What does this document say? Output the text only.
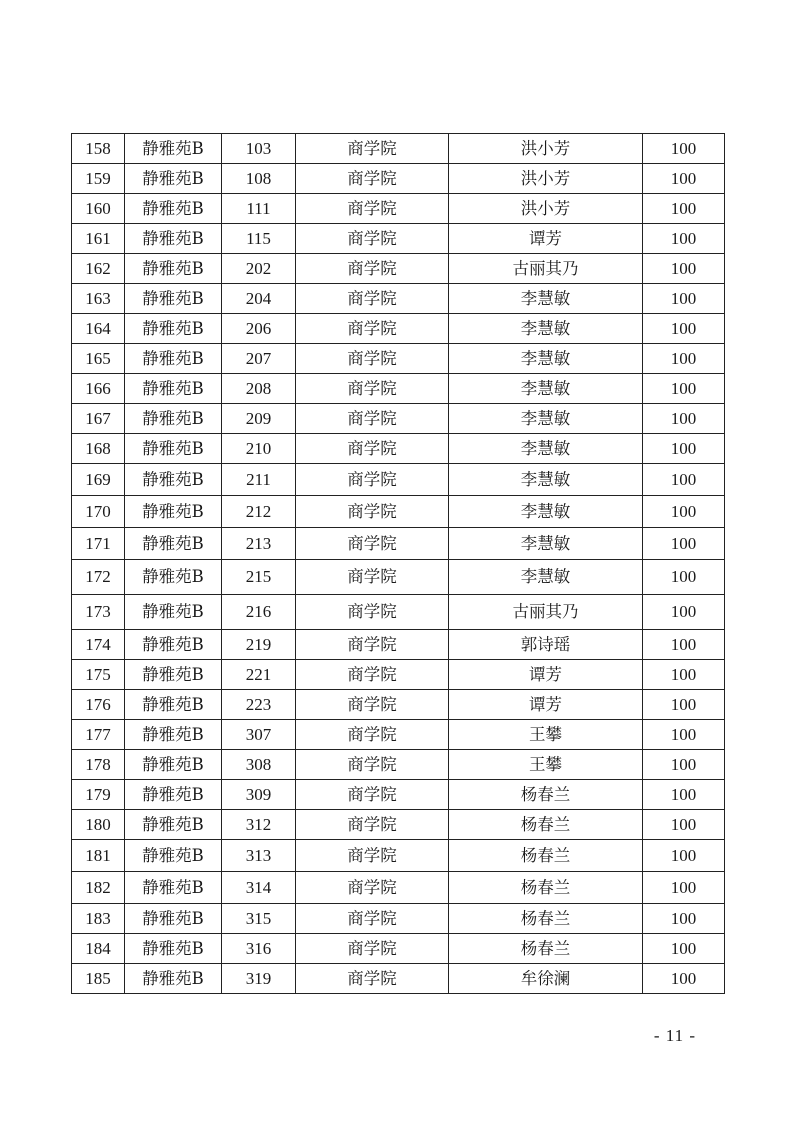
158	静雅苑B	103	商学院	洪小芳	100
159	静雅苑B	108	商学院	洪小芳	100
160	静雅苑B	111	商学院	洪小芳	100
161	静雅苑B	115	商学院	谭芳	100
162	静雅苑B	202	商学院	古丽其乃	100
163	静雅苑B	204	商学院	李慧敏	100
164	静雅苑B	206	商学院	李慧敏	100
165	静雅苑B	207	商学院	李慧敏	100
166	静雅苑B	208	商学院	李慧敏	100
167	静雅苑B	209	商学院	李慧敏	100
168	静雅苑B	210	商学院	李慧敏	100
169	静雅苑B	211	商学院	李慧敏	100
170	静雅苑B	212	商学院	李慧敏	100
171	静雅苑B	213	商学院	李慧敏	100
172	静雅苑B	215	商学院	李慧敏	100
173	静雅苑B	216	商学院	古丽其乃	100
174	静雅苑B	219	商学院	郭诗瑶	100
175	静雅苑B	221	商学院	谭芳	100
176	静雅苑B	223	商学院	谭芳	100
177	静雅苑B	307	商学院	王攀	100
178	静雅苑B	308	商学院	王攀	100
179	静雅苑B	309	商学院	杨春兰	100
180	静雅苑B	312	商学院	杨春兰	100
181	静雅苑B	313	商学院	杨春兰	100
182	静雅苑B	314	商学院	杨春兰	100
183	静雅苑B	315	商学院	杨春兰	100
184	静雅苑B	316	商学院	杨春兰	100
185	静雅苑B	319	商学院	牟徐澜	100
- 11 -
